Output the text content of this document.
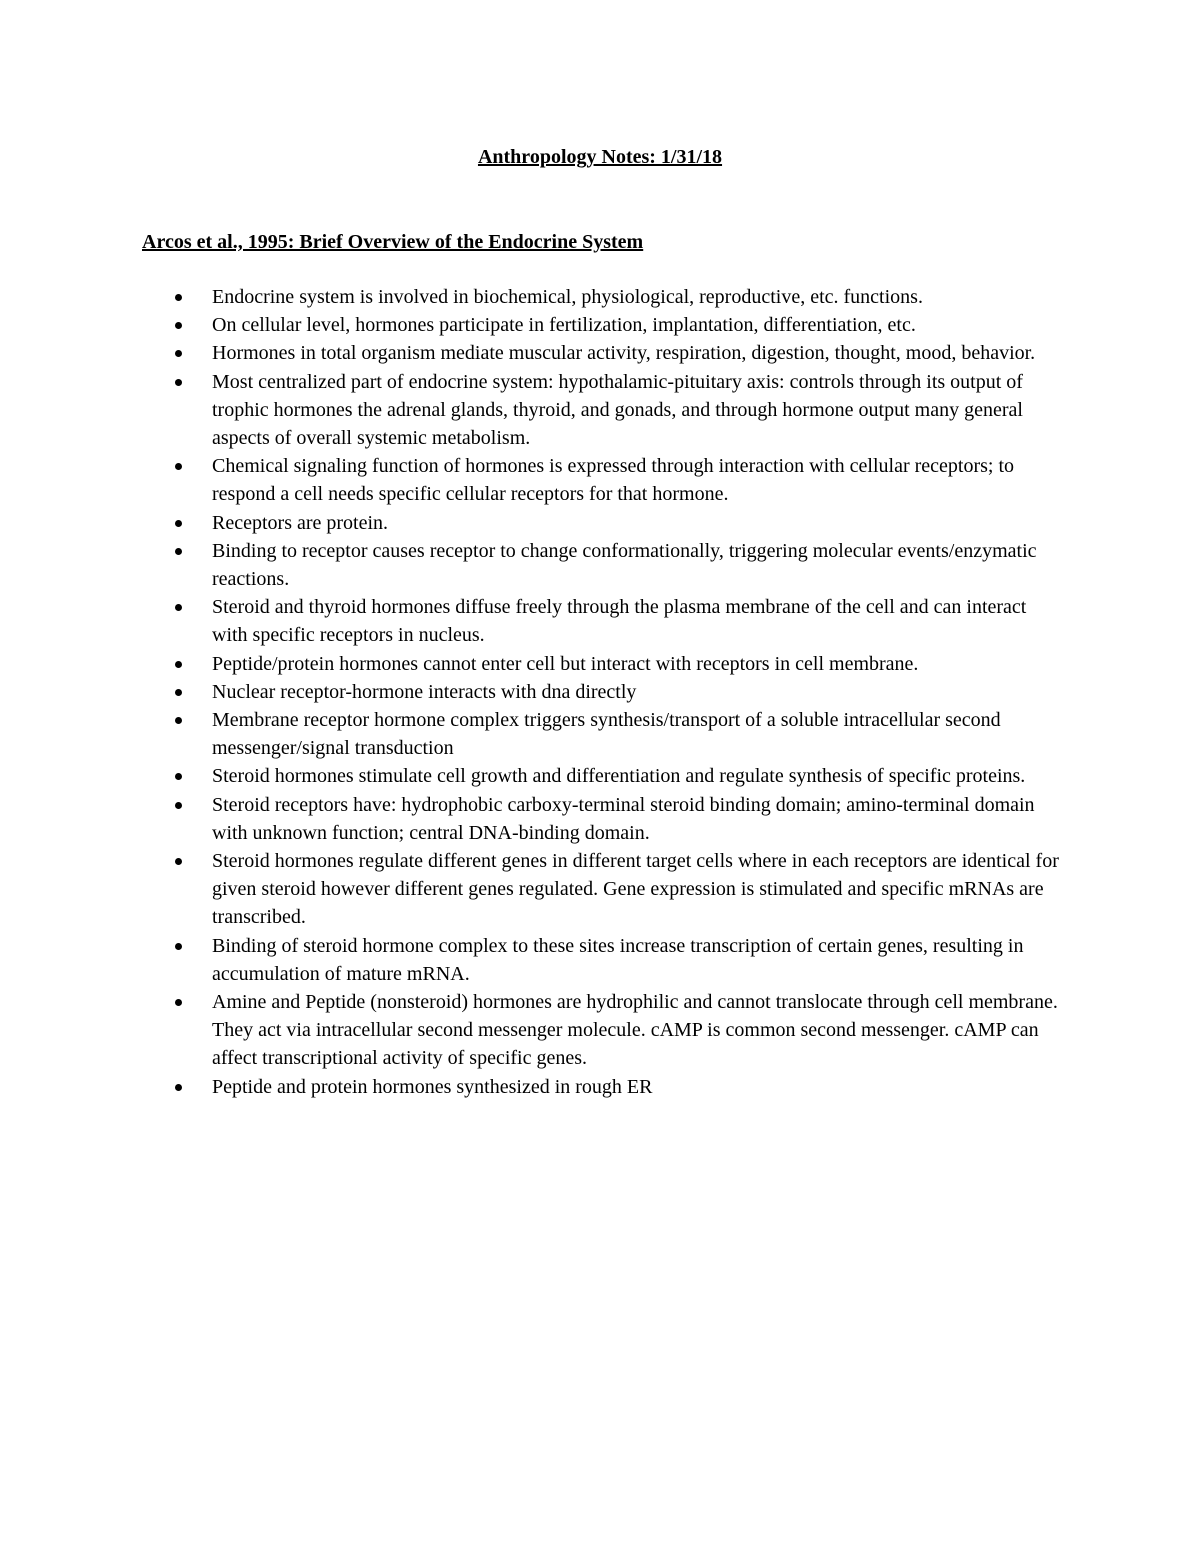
Anthropology Notes: 1/31/18
Arcos et al., 1995: Brief Overview of the Endocrine System
Endocrine system is involved in biochemical, physiological, reproductive, etc. functions.
On cellular level, hormones participate in fertilization, implantation, differentiation, etc.
Hormones in total organism mediate muscular activity, respiration, digestion, thought, mood, behavior.
Most centralized part of endocrine system: hypothalamic-pituitary axis: controls through its output of trophic hormones the adrenal glands, thyroid, and gonads, and through hormone output many general aspects of overall systemic metabolism.
Chemical signaling function of hormones is expressed through interaction with cellular receptors; to respond a cell needs specific cellular receptors for that hormone.
Receptors are protein.
Binding to receptor causes receptor to change conformationally, triggering molecular events/enzymatic reactions.
Steroid and thyroid hormones diffuse freely through the plasma membrane of the cell and can interact with specific receptors in nucleus.
Peptide/protein hormones cannot enter cell but interact with receptors in cell membrane.
Nuclear receptor-hormone interacts with dna directly
Membrane receptor hormone complex triggers synthesis/transport of a soluble intracellular second messenger/signal transduction
Steroid hormones stimulate cell growth and differentiation and regulate synthesis of specific proteins.
Steroid receptors have: hydrophobic carboxy-terminal steroid binding domain; amino-terminal domain with unknown function; central DNA-binding domain.
Steroid hormones regulate different genes in different target cells where in each receptors are identical for given steroid however different genes regulated. Gene expression is stimulated and specific mRNAs are transcribed.
Binding of steroid hormone complex to these sites increase transcription of certain genes, resulting in accumulation of mature mRNA.
Amine and Peptide (nonsteroid) hormones are hydrophilic and cannot translocate through cell membrane. They act via intracellular second messenger molecule. cAMP is common second messenger. cAMP can affect transcriptional activity of specific genes.
Peptide and protein hormones synthesized in rough ER
